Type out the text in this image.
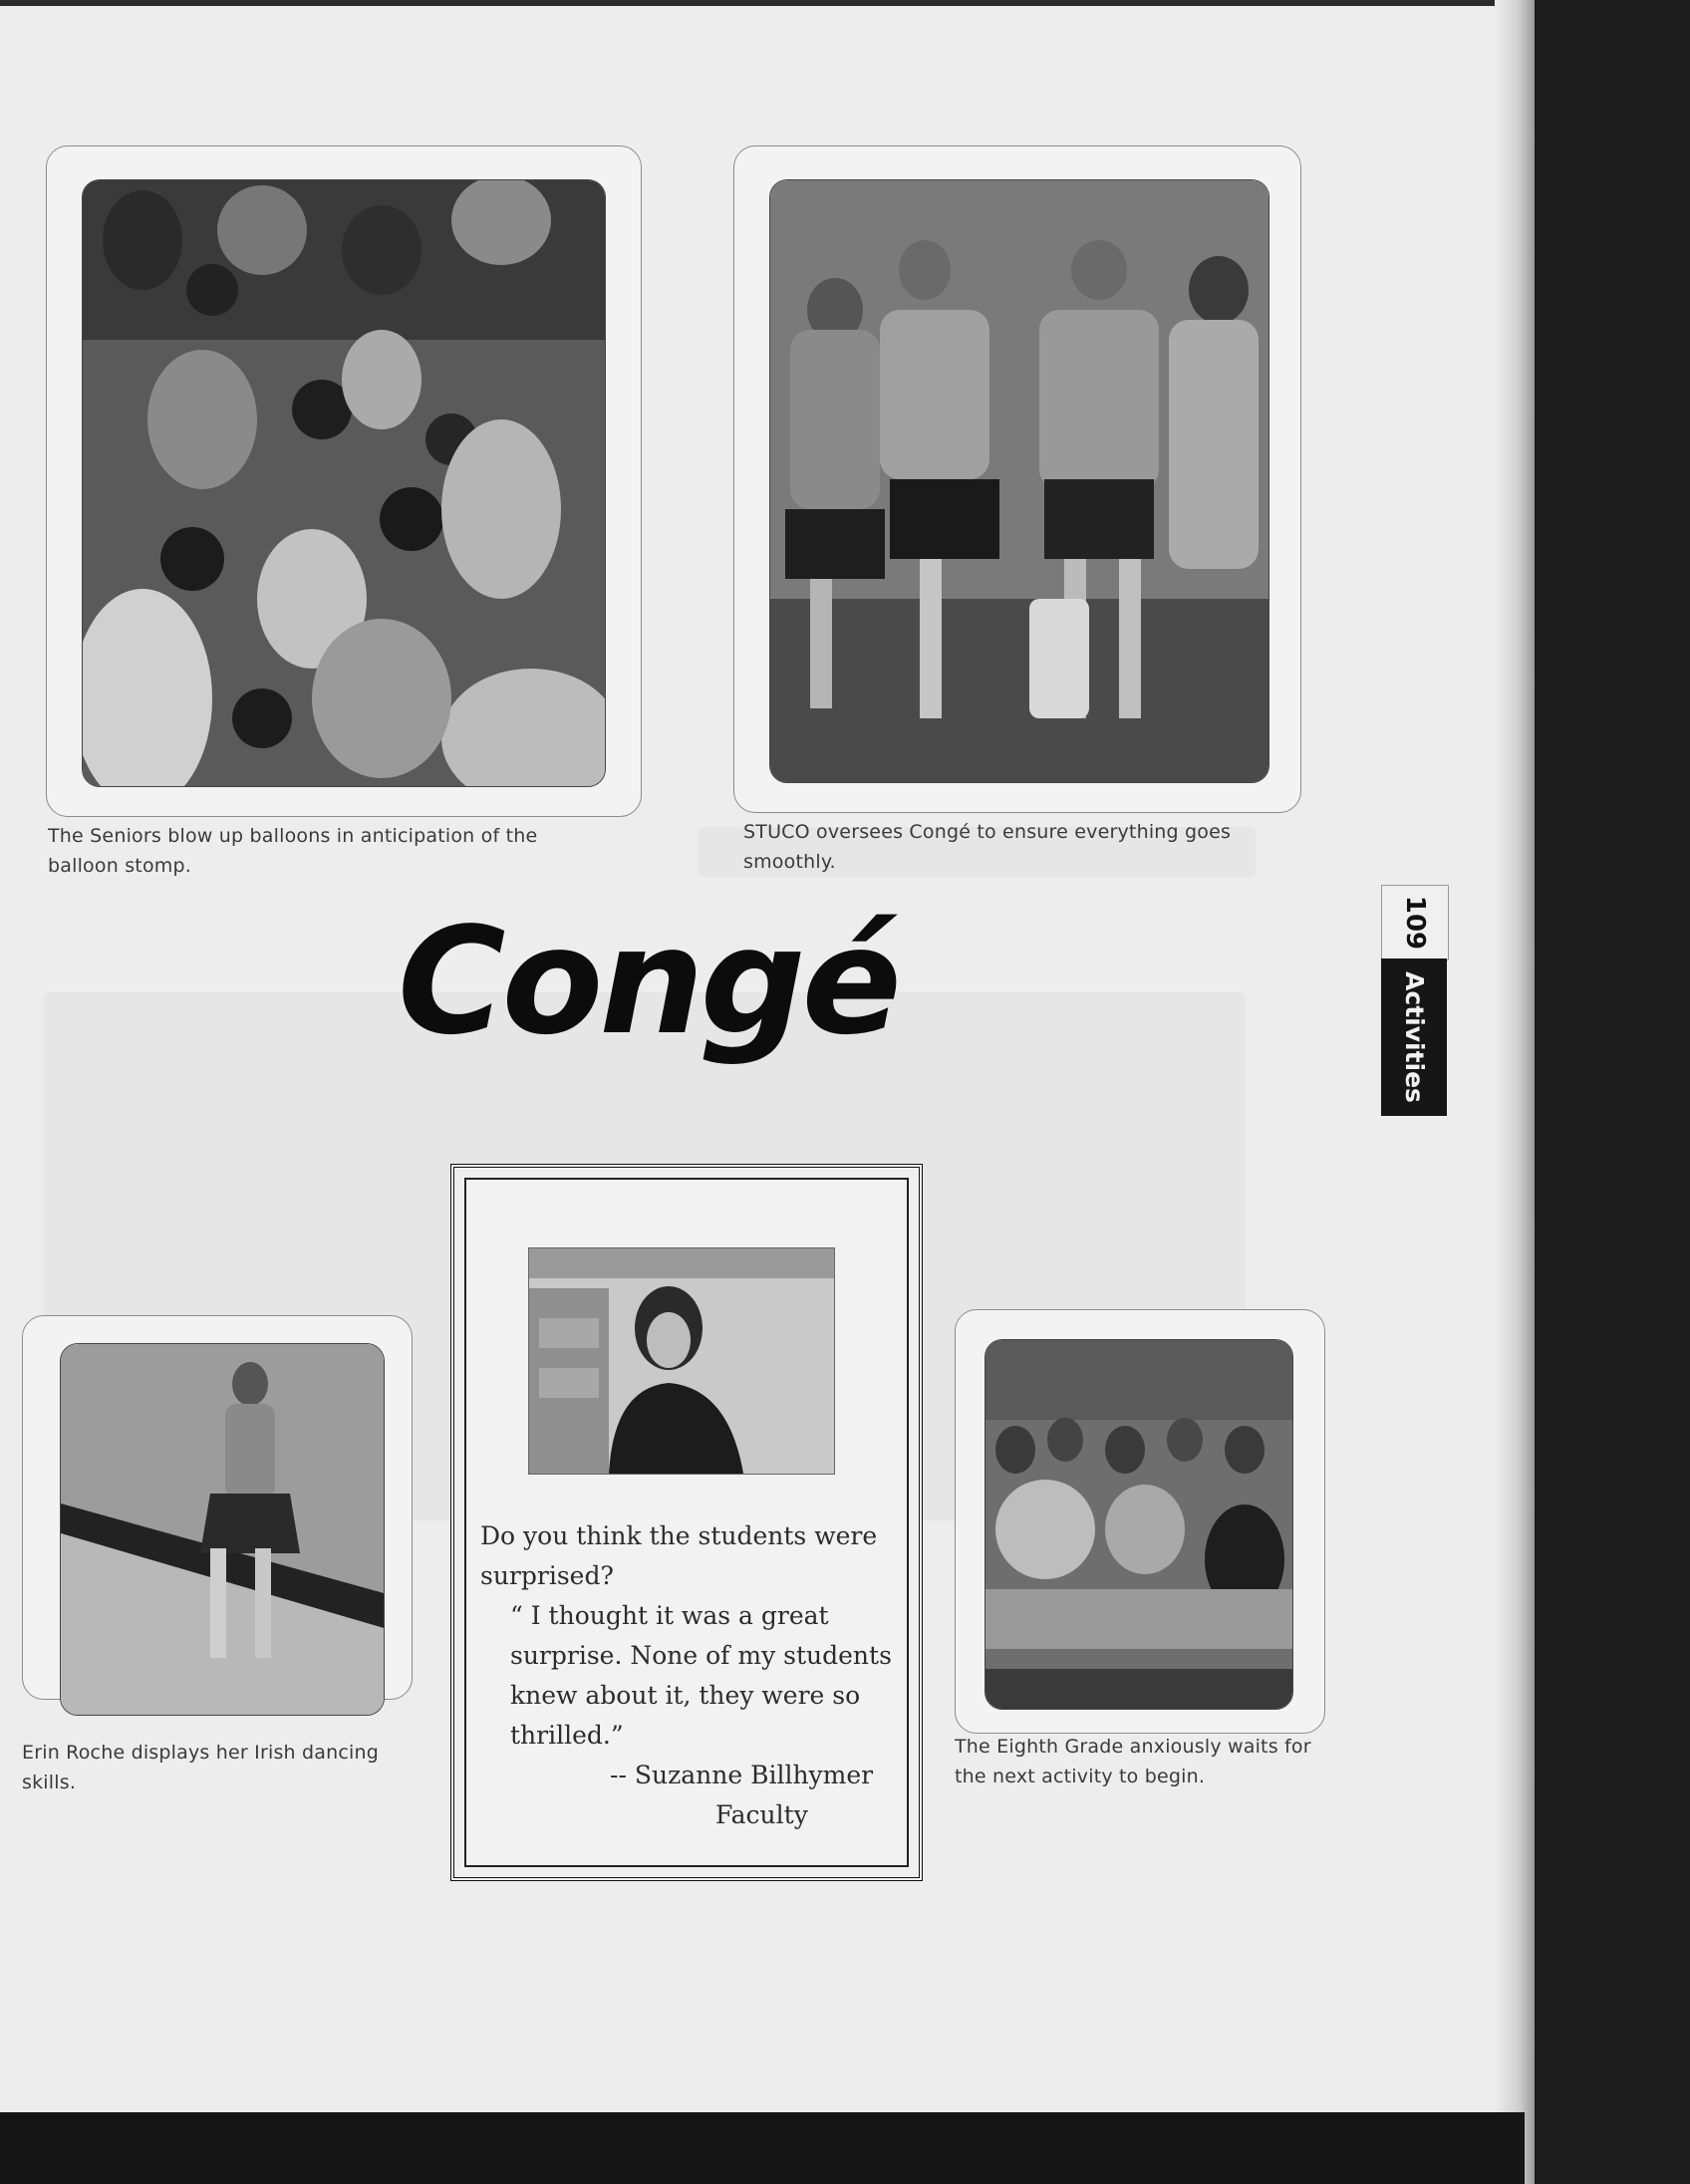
The Seniors blow up balloons in anticipation of the balloon stomp.
STUCO oversees Congé to ensure everything goes smoothly.
Congé	109
Activities
Erin Roche displays her Irish dancing skills.

Do you think the students were surprised?

“ I thought it was a great surprise. None of my students knew about it, they were so thrilled.”

-- Suzanne Billhymer

Faculty

The Eighth Grade anxiously waits for the next activity to begin.
